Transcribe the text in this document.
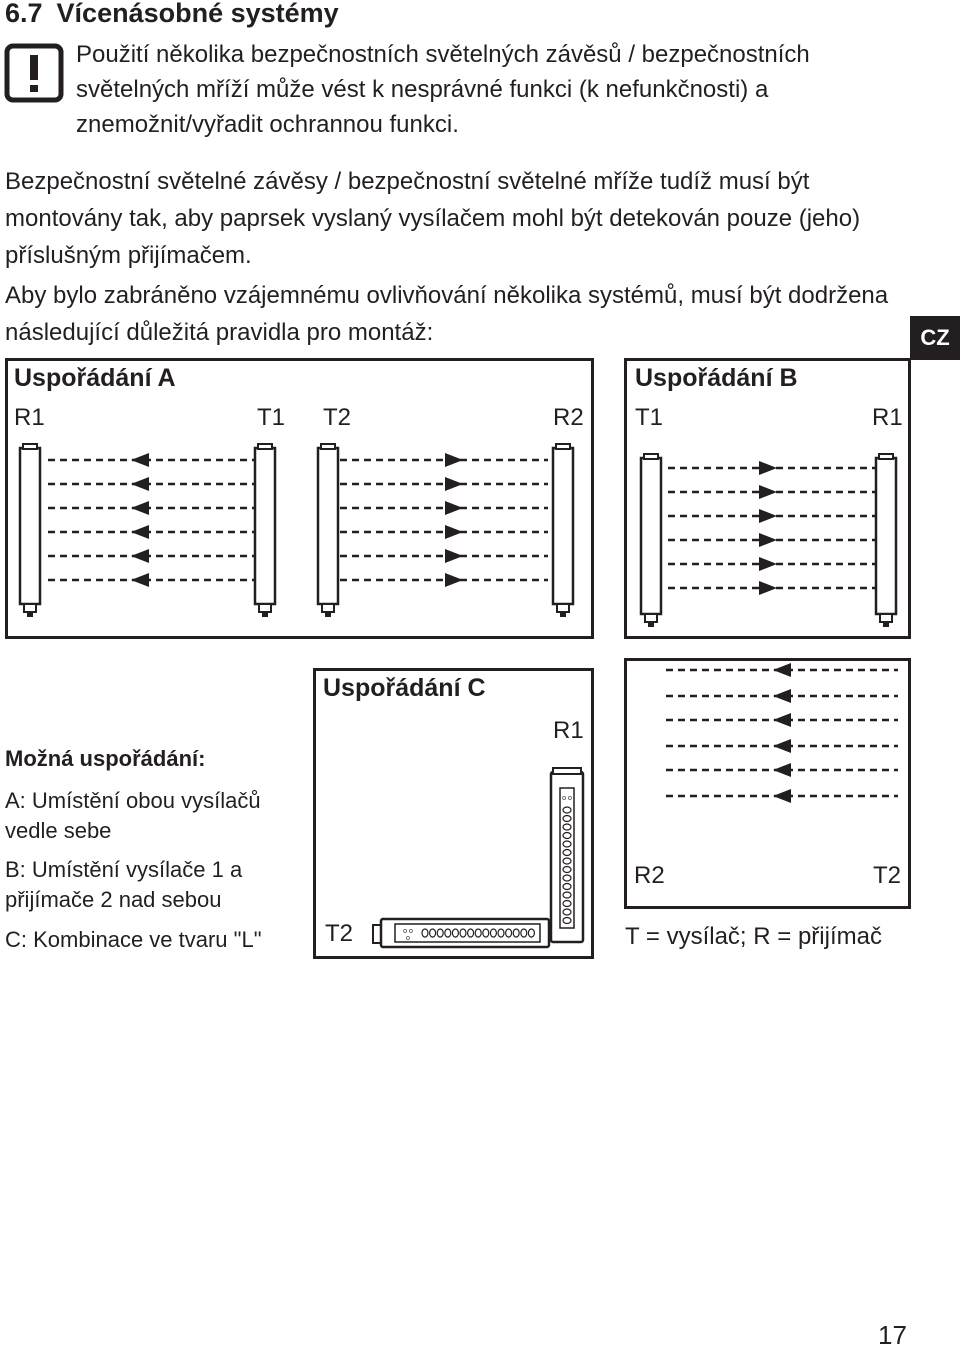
6.7 Vícenásobné systémy
Použití několika bezpečnostních světelných závěsů / bezpečnostních světelných mříží může vést k nesprávné funkci (k nefunkčnosti) a znemožnit/vyřadit ochrannou funkci.
Bezpečnostní světelné závěsy / bezpečnostní světelné mříže tudíž musí být montovány tak, aby paprsek vyslaný vysílačem mohl být detekován pouze (jeho) příslušným přijímačem.
Aby bylo zabráněno vzájemnému ovlivňování několika systémů, musí být dodržena následující důležitá pravidla pro montáž:	CZ
Uspořádání A
R1	T1 T2	R2
Uspořádání B
T1	R1
Možná uspořádání:
A: Umístění obou vysílačů vedle sebe
B: Umístění vysílače 1 a přijímače 2 nad sebou
C: Kombinace ve tvaru "L"
Uspořádání C
R1
T2
o o
o o
o
R2	T2
T = vysílač; R = přijímač
17
